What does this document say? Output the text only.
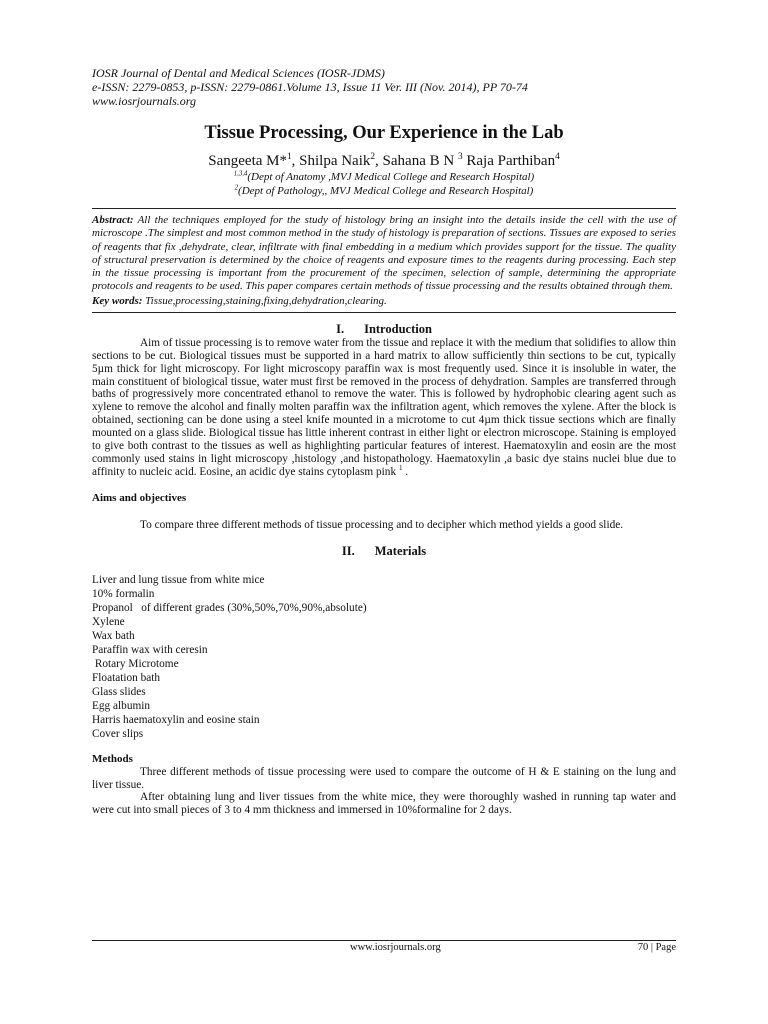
IOSR Journal of Dental and Medical Sciences (IOSR-JDMS)
e-ISSN: 2279-0853, p-ISSN: 2279-0861.Volume 13, Issue 11 Ver. III (Nov. 2014), PP 70-74
www.iosrjournals.org
Tissue Processing, Our Experience in the Lab
Sangeeta M*$^1$, Shilpa Naik$^2$, Sahana B N $^3$ Raja Parthiban$^4$
$^{1,3,4}$(Dept of Anatomy ,MVJ Medical College and Research Hospital)
$^2$(Dept of Pathology,, MVJ Medical College and Research Hospital)
Abstract: All the techniques employed for the study of histology bring an insight into the details inside the cell with the use of microscope .The simplest and most common method in the study of histology is preparation of sections. Tissues are exposed to series of reagents that fix ,dehydrate, clear, infiltrate with final embedding in a medium which provides support for the tissue. The quality of structural preservation is determined by the choice of reagents and exposure times to the reagents during processing. Each step in the tissue processing is important from the procurement of the specimen, selection of sample, determining the appropriate protocols and reagents to be used. This paper compares certain methods of tissue processing and the results obtained through them.
Key words: Tissue,processing,staining,fixing,dehydration,clearing.
I. Introduction

Aim of tissue processing is to remove water from the tissue and replace it with the medium that solidifies to allow thin sections to be cut. Biological tissues must be supported in a hard matrix to allow sufficiently thin sections to be cut, typically 5µm thick for light microscopy. For light microscopy paraffin wax is most frequently used. Since it is insoluble in water, the main constituent of biological tissue, water must first be removed in the process of dehydration. Samples are transferred through baths of progressively more concentrated ethanol to remove the water. This is followed by hydrophobic clearing agent such as xylene to remove the alcohol and finally molten paraffin wax the infiltration agent, which removes the xylene. After the block is obtained, sectioning can be done using a steel knife mounted in a microtome to cut 4µm thick tissue sections which are finally mounted on a glass slide. Biological tissue has little inherent contrast in either light or electron microscope. Staining is employed to give both contrast to the tissues as well as highlighting particular features of interest. Haematoxylin and eosin are the most commonly used stains in light microscopy ,histology ,and histopathology. Haematoxylin ,a basic dye stains nuclei blue due to affinity to nucleic acid. Eosine, an acidic dye stains cytoplasm pink $^1$ .

Aims and objectives

To compare three different methods of tissue processing and to decipher which method yields a good slide.

II. Materials
Liver and lung tissue from white mice
10% formalin
Propanol   of different grades (30%,50%,70%,90%,absolute)
Xylene
Wax bath
Paraffin wax with ceresin
Rotary Microtome
Floatation bath
Glass slides
Egg albumin
Harris haematoxylin and eosine stain
Cover slips
Methods

Three different methods of tissue processing were used to compare the outcome of H & E staining on the lung and liver tissue.

After obtaining lung and liver tissues from the white mice, they were thoroughly washed in running tap water and were cut into small pieces of 3 to 4 mm thickness and immersed in 10%formaline for 2 days.

www.iosrjournals.org	70 | Page
